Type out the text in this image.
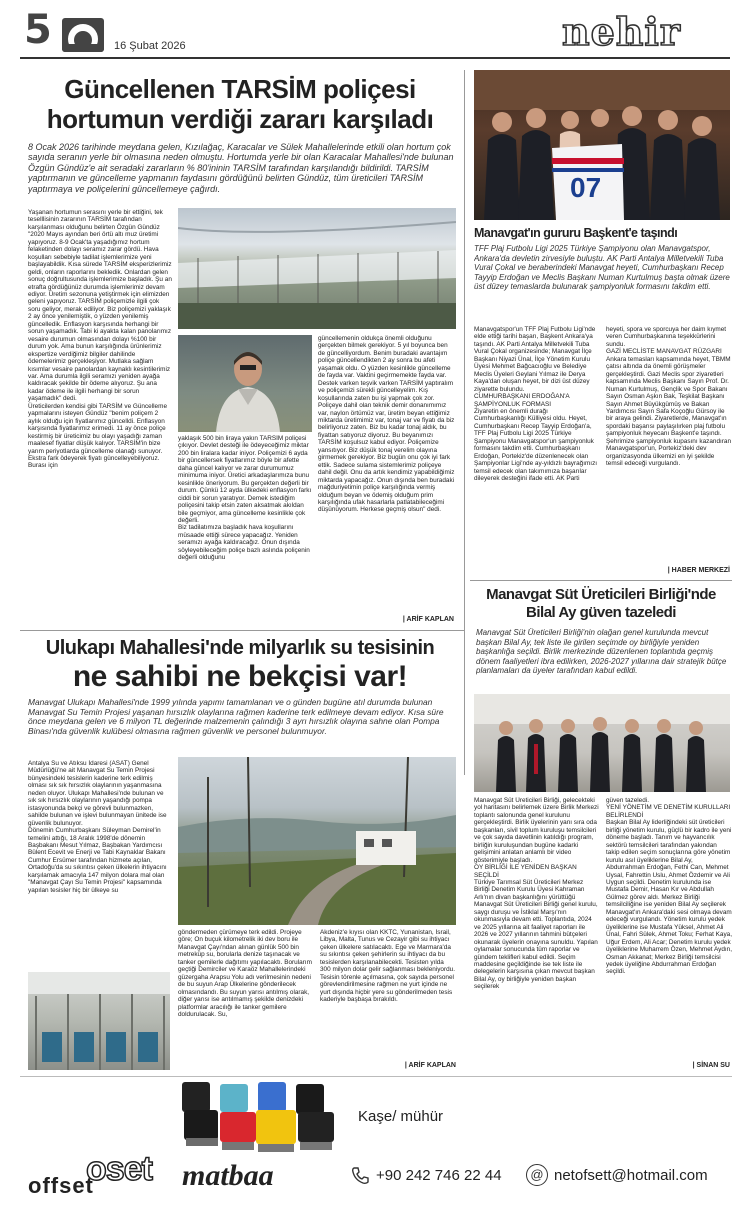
5	16 Şubat 2026	nehir
Güncellenen TARSİM poliçesi
hortumun verdiği zararı karşıladı
8 Ocak 2026 tarihinde meydana gelen, Kızılağaç, Karacalar ve Sülek Mahallelerinde etkili olan hortum çok sayıda seranın yerle bir olmasına neden olmuştu. Hortumda yerle bir olan Karacalar Mahallesi'nde bulunan Özgün Gündüz'e ait seradaki zararların % 80'ininin TARSİM tarafından karşılandığı bildirildi. TARSİM yaptırmanın ve güncelleme yapmanın faydasını gördüğünü belirten Gündüz, tüm üreticileri TARSİM yaptırmaya ve poliçelerini güncellemeye çağırdı.
Yaşanan hortumun serasını yerle bir ettiğini, tek teselllisinin zararının TARSİM tarafından karşılanması olduğunu belirten Özgün Gündüz "2020 Mayıs ayından beri örtü altı muz üretimi yapıyoruz. 8-9 Ocak'ta yaşadığımız hortum felaketinden dolayı seramız zarar gördü. Hava koşulları sebebiyle tadilat işlemlerimize yeni başlayabildik. Kısa sürede TARSİM eksperizlerimiz geldi, onların raporlarını bekledik. Onlardan gelen sonuç doğrultusunda işlemlerimize başladık. Şu an etrafta gördüğünüz durumda işlemlerimiz devam ediyor. Üretim sezonuna yetiştirmek için elimizden geleni yapıyoruz. TARSİM poliçemizle ilgili çok soru geliyor, merak ediliyor. Biz poliçemizi yaklaşık 2 ay önce yenilemiştik, o yüzden yenilemiş güncelledik. Enflasyon karşısında herhangi bir sorun yaşamadık. Tabi ki ayakta kalan panolarımız vesaire durumun olmasından dolayı %100 bir durum yok. Ama bunun karşılığında ürünlerimiz ekspertize verdiğimiz bilgiler dahilinde ödemelerimiz gerçekleşiyor. Mutlaka sağlam kısımlar vesaire panolardan kaynaklı kesintilerimiz var. Ama durumla ilgili seramızı yeniden ayağa kaldıracak şekilde bir ödeme alıyoruz. Şu ana kadar ödeme ile ilgili herhangi bir sorun yaşamadık" dedi.
Üreticilerden kendisi gibi TARSİM ve Güncelleme yapmalarını isteyen Gündüz "benim poliçem 2 aylık olduğu için fiyatlarımız güncelldi. Enflasyon karşısında fiyatlarımız erimedi. 11 ay önce poliçe kestirmiş bir üreticimiz bu olayı yaşadığı zaman maalesef fiyatlar düşük kalıyor. TARSİM'in bize yarım periyotlarda güncelleme olanağı sunuyor. Ekstra fark ödeyerek fiyatı güncelleyebiliyoruz. Burası için
yaklaşık 500 bin liraya yakın TARSİM poliçesi çıkıyor. Devlet desteği ile ödeyeceğimiz miktar 200 bin liralara kadar iniyor. Poliçemizi 6 ayda bir güncellersek fiyatlarımız böyle bir afette daha güncel kalıyor ve zarar durumumuz minimuma iniyor. Üretici arkadaşlarımıza bunu kesinlikle öneriyorum. Bu gerçekten değerli bir durum. Çünkü 12 ayda ülkedeki enflasyon farkı ciddi bir sorun yaratıyor. Demek istediğim poliçesini takip etsin zaten aksatmak akıldan bile geçmiyor, ama güncelleme kesinlikle çok değerli.
Biz tadilatımıza başladık hava koşullarını müsaade ettiği sürece yapacağız. Yeniden seramızı ayağa kaldıracağız. Onun dışında söyleyebileceğim poliçe bazlı aslında poliçenin değerli olduğunu
güncellemenin oldukça önemli olduğunu gerçekten bilmek gerekiyor. 5 yıl boyunca ben de güncelliyordum. Benim buradaki avantajım poliçe güncellendikten 2 ay sonra bu afeti yaşamak oldu. O yüzden kesinlikle güncelleme de fayda var. Vaktini geçirmemekte fayda var. Destek varken teşvik varken TARSİM yaptıralım ve poliçemizi sürekli güncelleyelim. Kış koşullarında zaten bu işi yapmak çok zor. Poliçeye dahil olan teknik demir donanımımız var, naylon örtümüz var, üretim beyan ettiğimiz miktarda üretimimiz var, tonaj var ve fiyatı da biz belirliyoruz zaten. Biz bu kadar tonaj aldık, bu fiyattan satıyoruz diyoruz. Bu beyanımızı TARSİM koşulsuz kabul ediyor. Poliçemize yansıtıyor. Biz düşük tonaj verelim olayına girmemek gerekiyor. Biz bugün onu çok iyi fark ettik. Sadece sulama sistemlerimiz poliçeye dahil değil. Onu da artık kendimiz yapabildiğimiz miktarda yapacağız. Onun dışında ben buradaki mağduriyetimin poliçe karşılığında vermiş olduğum beyan ve ödemiş olduğum prim karşılığında ufak hasarlarla patlatabileceğimi düşünüyorum. Herkese geçmiş olsun" dedi.
| ARİF KAPLAN
07
Manavgat'ın gururu Başkent'e taşındı
TFF Plaj Futbolu Ligi 2025 Türkiye Şampiyonu olan Manavgatspor, Ankara'da devletin zirvesiyle buluştu. AK Parti Antalya Milletvekili Tuba Vural Çokal ve beraberindeki Manavgat heyeti, Cumhurbaşkanı Recep Tayyip Erdoğan ve Meclis Başkanı Numan Kurtulmuş başta olmak üzere üst düzey temaslarda bulunarak şampiyonluk formasını takdim etti.
Manavgatspor'un TFF Plaj Futbolu Ligi'nde elde ettiği tarihi başarı, Başkent Ankara'ya taşındı. AK Parti Antalya Milletvekili Tuba Vural Çokal organizesinde; Manavgat İlçe Başkanı Niyazi Ünal, İlçe Yönetim Kurulu Üyesi Mehmet Bağcacıoğlu ve Belediye Meclis Üyeleri Geylani Yılmaz ile Derya Kaya'dan oluşan heyet, bir dizi üst düzey ziyarette bulundu.
CUMHURBAŞKANI ERDOĞAN'A ŞAMPİYONLUK FORMASI
Ziyaretin en önemli durağı Cumhurbaşkanlığı Külliyesi oldu. Heyet, Cumhurbaşkanı Recep Tayyip Erdoğan'a, TFF Plaj Futbolu Ligi 2025 Türkiye Şampiyonu Manavgatspor'un şampiyonluk formasını takdim etti. Cumhurbaşkanı Erdoğan, Portekiz'de düzenlenecek olan Şampiyonlar Ligi'nde ay-yıldızlı bayrağımızı temsil edecek olan takımımıza başarılar dileyerek desteğini ifade etti. AK Parti
heyeti, spora ve sporcuya her daim kıymet veren Cumhurbaşkanına teşekkürlerini sundu.
GAZİ MECLİSTE MANAVGAT RÜZGARI
Ankara temasları kapsamında heyet, TBMM çatısı altında da önemli görüşmeler gerçekleştirdi. Gazi Meclis spor ziyaretleri kapsamında Meclis Başkanı Sayın Prof. Dr. Numan Kurtulmuş, Gençlik ve Spor Bakanı Sayın Osman Aşkın Bak, Teşkilat Başkanı Sayın Ahmet Büyükgümüş ve Bakan Yardımcısı Sayın Safa Koçoğlu Gürsoy ile bir araya gelindi. Ziyaretlerde, Manavgat'ın spordaki başarısı paylaşılırken plaj futbolu şampiyonluk heyecanı Başkent'e taşındı. Şehrimize şampiyonluk kupasını kazandıran Manavgatspor'un, Portekiz'deki dev organizasyonda ülkemizi en iyi şekilde temsil edeceği vurgulandı.
| HABER MERKEZİ
Manavgat Süt Üreticileri Birliği'nde
Bilal Ay güven tazeledi
Manavgat Süt Üreticileri Birliği'nin olağan genel kurulunda mevcut başkan Bilal Ay, tek liste ile girilen seçimde oy birliğiyle yeniden başkanlığa seçildi. Birlik merkezinde düzenlenen toplantıda geçmiş dönem faaliyetleri ibra edilirken, 2026-2027 yıllarına dair stratejik bütçe planlamaları da üyeler tarafından kabul edildi.
Manavgat Süt Üreticileri Birliği, gelecekteki yol haritasını belirlemek üzere Birlik Merkezi toplantı salonunda genel kurulunu gerçekleştirdi. Birlik üyelerinin yanı sıra oda başkanları, sivil toplum kuruluşu temsilcileri ve çok sayıda davetlinin katıldığı program, birliğin kuruluşundan bugüne kadarki gelişimini anlatan anlamlı bir video gösterimiyle başladı.
OY BİRLİĞİ İLE YENİDEN BAŞKAN SEÇİLDİ
Türkiye Tarımsal Süt Üreticileri Merkez Birliği Denetim Kurulu Üyesi Kahraman Arlı'nın divan başkanlığını yürüttüğü Manavgat Süt Üreticileri Birliği genel kurulu, saygı duruşu ve İstiklal Marşı'nın okunmasıyla devam etti. Toplantıda, 2024 ve 2025 yıllarına ait faaliyet raporları ile 2026 ve 2027 yıllarının tahmini bütçeleri okunarak üyelerin onayına sunuldu. Yapılan oylamalar sonucunda tüm raporlar ve gündem teklifleri kabul edildi. Seçim maddesine geçildiğinde ise tek liste ile delegelerin karşısına çıkan mevcut başkan Bilal Ay, oy birliğiyle yeniden başkan seçilerek
güven tazeledi.
YENİ YÖNETİM VE DENETİM KURULLARI BELİRLENDİ
Başkan Bilal Ay liderliğindeki süt üreticileri birliği yönetim kurulu, güçlü bir kadro ile yeni döneme başladı. Tanım ve hayvancılık sektörü temsilcileri tarafından yakından takip edilen seçim sonuçlarına göre yönetim kurulu asıl üyeliklerine Bilal Ay, Abdurrahman Erdoğan, Fethi Can, Mehmet Uysal, Fahrettin Uslu, Ahmet Özdemir ve Ali Uygun seçildi. Denetim kurulunda ise Mustafa Demir, Hasan Kır ve Abdullah Gülmez görev aldı. Merkez Birliği temsilciliğine ise yeniden Bilal Ay seçilerek Manavgat'ın Ankara'daki sesi olmaya devam edeceği vurgulandı. Yönetim kurulu yedek üyeliklerine ise Mustafa Yüksel, Ahmet Ali Ünal, Fahri Sülek, Ahmet Toku; Ferhat Kaya, Uğur Erdem, Ali Acar; Denetim kurulu yedek üyeliklerine Muharrem Özen, Mehmet Aydın, Osman Akkanat; Merkez Birliği temsilcisi yedek üyeliğine Abdurrahman Erdoğan seçildi.
| SİNAN SU
Ulukapı Mahallesi'nde milyarlık su tesisinin
ne sahibi ne bekçisi var!
Manavgat Ulukapı Mahallesi'nde 1999 yılında yapımı tamamlanan ve o günden bugüne atıl durumda bulunan Manavgat Su Temin Projesi yaşanan hırsızlık olaylarına rağmen kaderine terk edilmeye devam ediyor. Kısa süre önce meydana gelen ve 6 milyon TL değerinde malzemenin çalındığı 3 ayrı hırsızlık olayına sahne olan Pompa Binası'nda güvenlik kulübesi olmasına rağmen güvenlik ve personel bulunmuyor.
Antalya Su ve Atıksu İdaresi (ASAT) Genel Müdürlüğü'ne ait Manavgat Su Temin Projesi bünyesindeki tesislerin kaderine terk edilmiş olması sık sık hırsızlık olaylarının yaşanmasına neden oluyor. Ulukapı Mahallesi'nde bulunan ve sık sık hırsızlık olaylarının yaşandığı pompa istasyonunda bekçi ve görevli bulunmazken, sahilde bulunan ve işlevi bulunmayan ünitede ise güvenlik bulunuyor.
Dönemin Cumhurbaşkanı Süleyman Demirel'in temelini attığı, 18 Aralık 1998'de dönemin Başbakanı Mesut Yılmaz, Başbakan Yardımcısı Bülent Ecevit ve Enerji ve Tabi Kaynaklar Bakanı Cumhur Ersümer tarafından hizmete açılan, Ortadoğu'da su sıkıntısı çeken ülkelerin ihtiyacını karşılamak amacıyla 147 milyon dolara mal olan "Manavgat Çayı Su Temin Projesi" kapsamında yapılan tesisler hiç bir ülkeye su
göndermeden çürümeye terk edildi. Projeye göre; On buçuk kilometrelik iki dev boru ile Manavgat Çayı'ndan alınan günlük 500 bin metreküp su, borularla denize taşınacak ve tanker gemilerle dağıtımı yapılacaktı. Borularım geçtiği Demirciler ve Karaöz Mahallelerindeki güzergaha Arapsu Yolu adı verilmesinin nedeni de bu suyun Arap Ülkelerine gönderilecek olmasındandı. Bu suyun yarısı antılmış olarak, diğer yarısı ise antılmamış şekilde denizdeki platformlar aracılığı ile tanker gemilere doldurulacak. Su,
Akdeniz'e kıyısı olan KKTC, Yunanistan, İsrail, Libya, Malta, Tunus ve Cezayir gibi su ihtiyacı çeken ülkelere satılacaktı. Ege ve Marmara'da su sıkıntısı çeken şehirlerin su ihtiyacı da bu tesislerden karşılanabilecekti. Tesisten yılda 300 milyon dolar gelir sağlanması bekleniyordu. Tesisin törenle açılmasına, çok sayıda personel görevlendirilmesine rağmen ne yurt içinde ne yurt dışında hiçbir yere su gönderilmeden tesis kaderiyle başbaşa bırakıldı.
| ARİF KAPLAN
Kaşe/ mühür
oset
offset	matbaa	+90 242 746 22 44	@ netofsett@hotmail.com
